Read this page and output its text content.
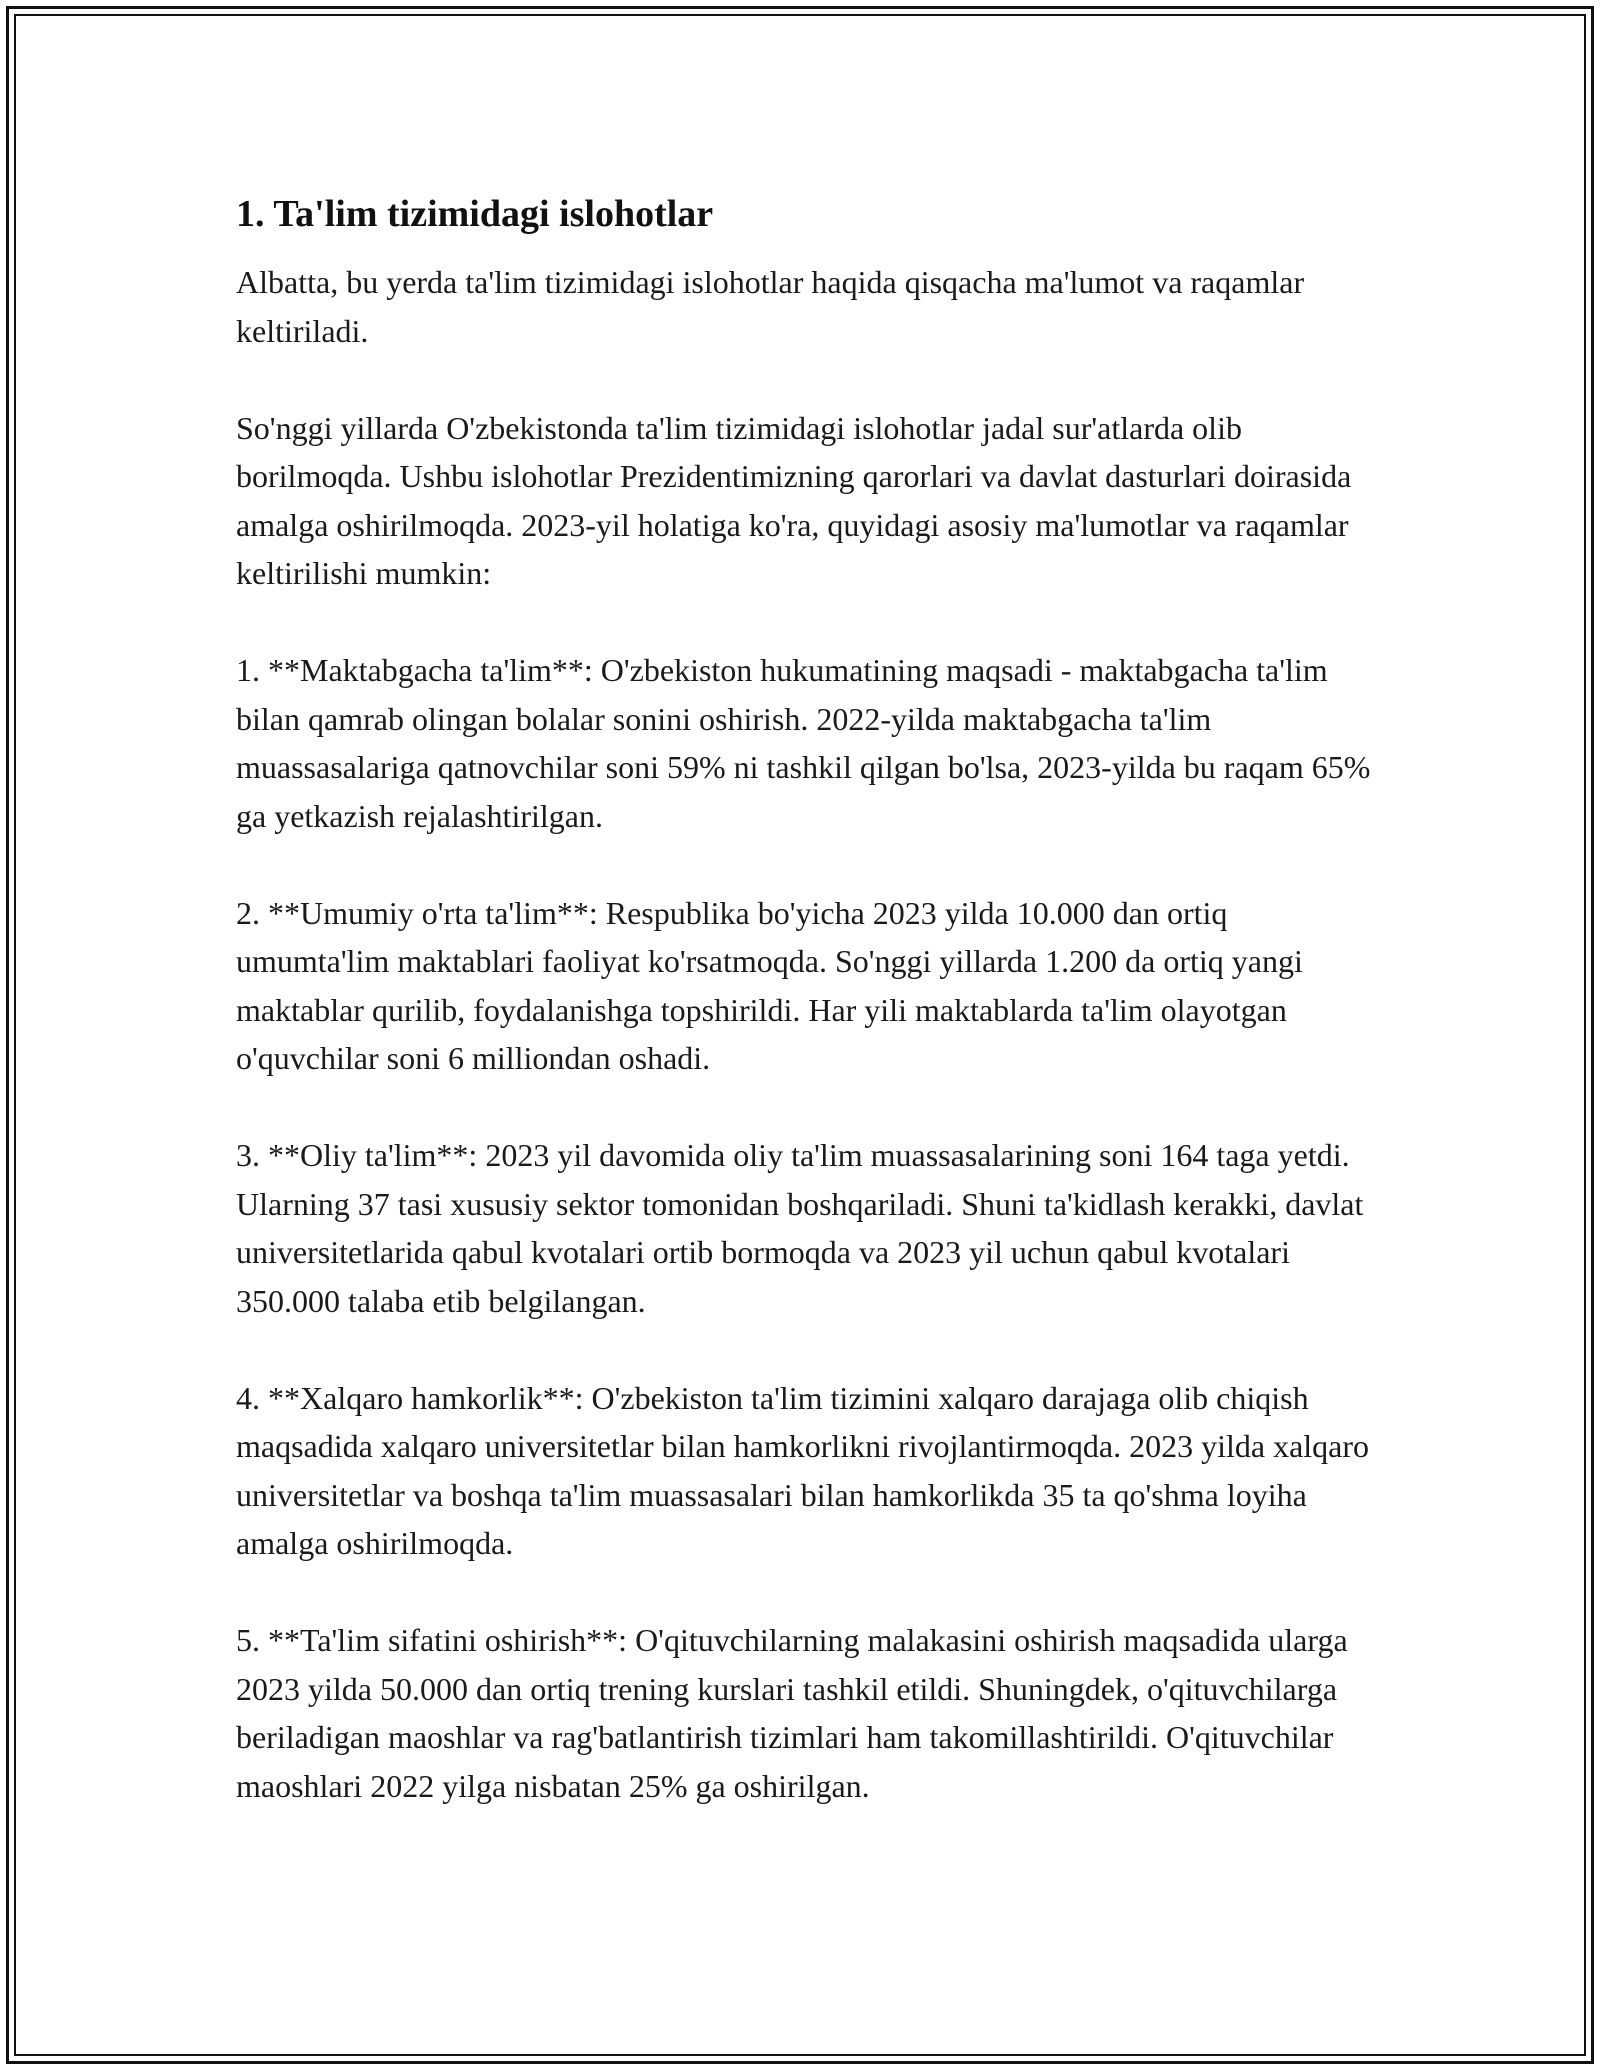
1. Ta'lim tizimidagi islohotlar

Albatta, bu yerda ta'lim tizimidagi islohotlar haqida qisqacha ma'lumot va raqamlar keltiriladi.

So'nggi yillarda O'zbekistonda ta'lim tizimidagi islohotlar jadal sur'atlarda olib borilmoqda. Ushbu islohotlar Prezidentimizning qarorlari va davlat dasturlari doirasida amalga oshirilmoqda. 2023-yil holatiga ko'ra, quyidagi asosiy ma'lumotlar va raqamlar keltirilishi mumkin:

1. **Maktabgacha ta'lim**: O'zbekiston hukumatining maqsadi - maktabgacha ta'lim bilan qamrab olingan bolalar sonini oshirish. 2022-yilda maktabgacha ta'lim muassasalariga qatnovchilar soni 59% ni tashkil qilgan bo'lsa, 2023-yilda bu raqam 65% ga yetkazish rejalashtirilgan.

2. **Umumiy o'rta ta'lim**: Respublika bo'yicha 2023 yilda 10.000 dan ortiq umumta'lim maktablari faoliyat ko'rsatmoqda. So'nggi yillarda 1.200 da ortiq yangi maktablar qurilib, foydalanishga topshirildi. Har yili maktablarda ta'lim olayotgan o'quvchilar soni 6 milliondan oshadi.

3. **Oliy ta'lim**: 2023 yil davomida oliy ta'lim muassasalarining soni 164 taga yetdi. Ularning 37 tasi xususiy sektor tomonidan boshqariladi. Shuni ta'kidlash kerakki, davlat universitetlarida qabul kvotalari ortib bormoqda va 2023 yil uchun qabul kvotalari 350.000 talaba etib belgilangan.

4. **Xalqaro hamkorlik**: O'zbekiston ta'lim tizimini xalqaro darajaga olib chiqish maqsadida xalqaro universitetlar bilan hamkorlikni rivojlantirmoqda. 2023 yilda xalqaro universitetlar va boshqa ta'lim muassasalari bilan hamkorlikda 35 ta qo'shma loyiha amalga oshirilmoqda.

5. **Ta'lim sifatini oshirish**: O'qituvchilarning malakasini oshirish maqsadida ularga 2023 yilda 50.000 dan ortiq trening kurslari tashkil etildi. Shuningdek, o'qituvchilarga beriladigan maoshlar va rag'batlantirish tizimlari ham takomillashtirildi. O'qituvchilar maoshlari 2022 yilga nisbatan 25% ga oshirilgan.
